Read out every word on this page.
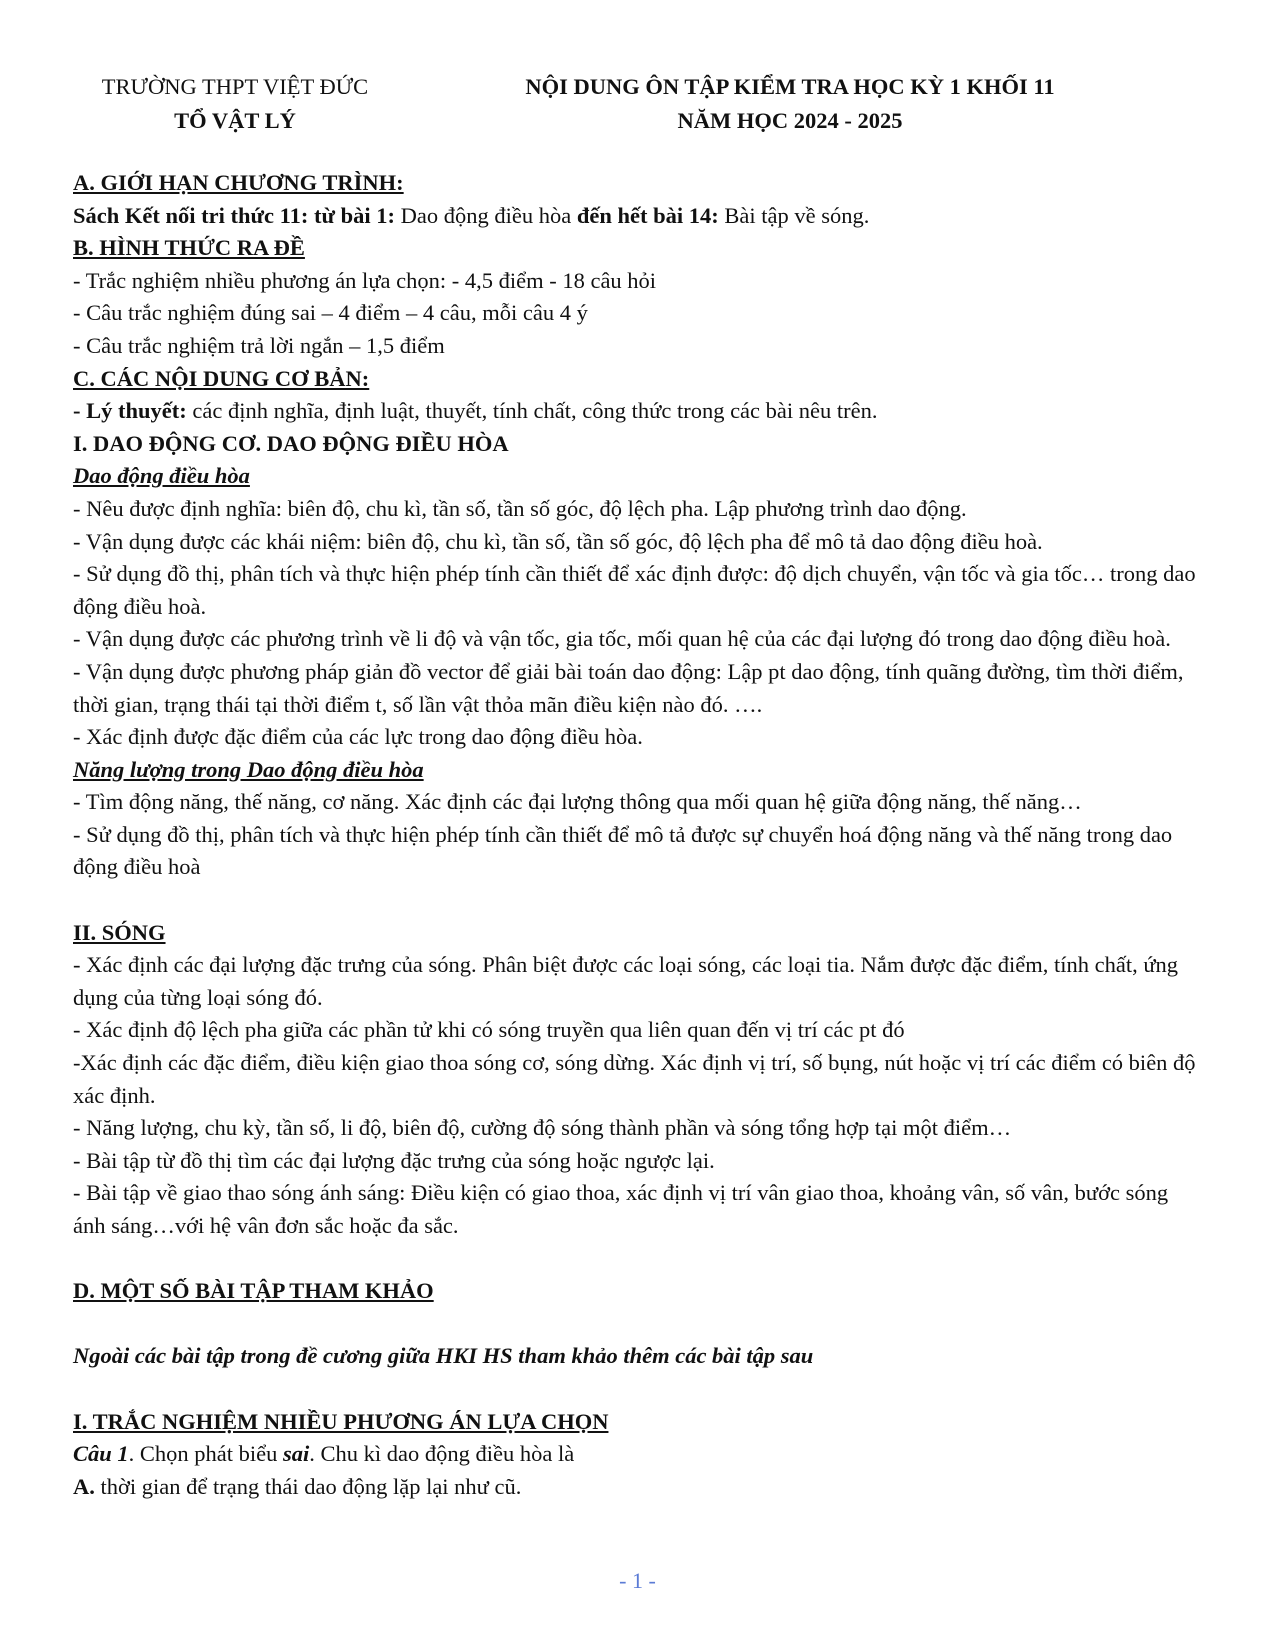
TRƯỜNG THPT VIỆT ĐỨC
TỔ VẬT LÝ
NỘI DUNG ÔN TẬP KIỂM TRA HỌC KỲ 1 KHỐI 11
NĂM HỌC 2024 - 2025

A. GIỚI HẠN CHƯƠNG TRÌNH:

Sách Kết nối tri thức 11: từ bài 1: Dao động điều hòa đến hết bài 14: Bài tập về sóng.

B. HÌNH THỨC RA ĐỀ

- Trắc nghiệm nhiều phương án lựa chọn: - 4,5 điểm - 18 câu hỏi

- Câu trắc nghiệm đúng sai – 4 điểm – 4 câu, mỗi câu 4 ý

- Câu trắc nghiệm trả lời ngắn – 1,5 điểm

C. CÁC NỘI DUNG CƠ BẢN:

- Lý thuyết: các định nghĩa, định luật, thuyết, tính chất, công thức trong các bài nêu trên.

I. DAO ĐỘNG CƠ. DAO ĐỘNG ĐIỀU HÒA

Dao động điều hòa

- Nêu được định nghĩa: biên độ, chu kì, tần số, tần số góc, độ lệch pha. Lập phương trình dao động.

- Vận dụng được các khái niệm: biên độ, chu kì, tần số, tần số góc, độ lệch pha để mô tả dao động điều hoà.

- Sử dụng đồ thị, phân tích và thực hiện phép tính cần thiết để xác định được: độ dịch chuyển, vận tốc và gia tốc… trong dao động điều hoà.

- Vận dụng được các phương trình về li độ và vận tốc, gia tốc, mối quan hệ của các đại lượng đó trong dao động điều hoà.

- Vận dụng được phương pháp giản đồ vector để giải bài toán dao động: Lập pt dao động, tính quãng đường, tìm thời điểm, thời gian, trạng thái tại thời điểm t, số lần vật thỏa mãn điều kiện nào đó. ….

- Xác định được đặc điểm của các lực trong dao động điều hòa.

Năng lượng trong Dao động điều hòa

- Tìm động năng, thế năng, cơ năng. Xác định các đại lượng thông qua mối quan hệ giữa động năng, thế năng…

- Sử dụng đồ thị, phân tích và thực hiện phép tính cần thiết để mô tả được sự chuyển hoá động năng và thế năng trong dao động điều hoà

II. SÓNG

- Xác định các đại lượng đặc trưng của sóng. Phân biệt được các loại sóng, các loại tia. Nắm được đặc điểm, tính chất, ứng dụng của từng loại sóng đó.

- Xác định độ lệch pha giữa các phần tử khi có sóng truyền qua liên quan đến vị trí các pt đó

-Xác định các đặc điểm, điều kiện giao thoa sóng cơ, sóng dừng. Xác định vị trí, số bụng, nút hoặc vị trí các điểm có biên độ xác định.

- Năng lượng, chu kỳ, tần số, li độ, biên độ, cường độ sóng thành phần và sóng tổng hợp tại một điểm…

- Bài tập từ đồ thị tìm các đại lượng đặc trưng của sóng hoặc ngược lại.

- Bài tập về giao thao sóng ánh sáng: Điều kiện có giao thoa, xác định vị trí vân giao thoa, khoảng vân, số vân, bước sóng ánh sáng…với hệ vân đơn sắc hoặc đa sắc.

D. MỘT SỐ BÀI TẬP THAM KHẢO

Ngoài các bài tập trong đề cương giữa HKI HS tham khảo thêm các bài tập sau

I. TRẮC NGHIỆM NHIỀU PHƯƠNG ÁN LỰA CHỌN

Câu 1. Chọn phát biểu sai. Chu kì dao động điều hòa là

A. thời gian để trạng thái dao động lặp lại như cũ.

- 1 -
